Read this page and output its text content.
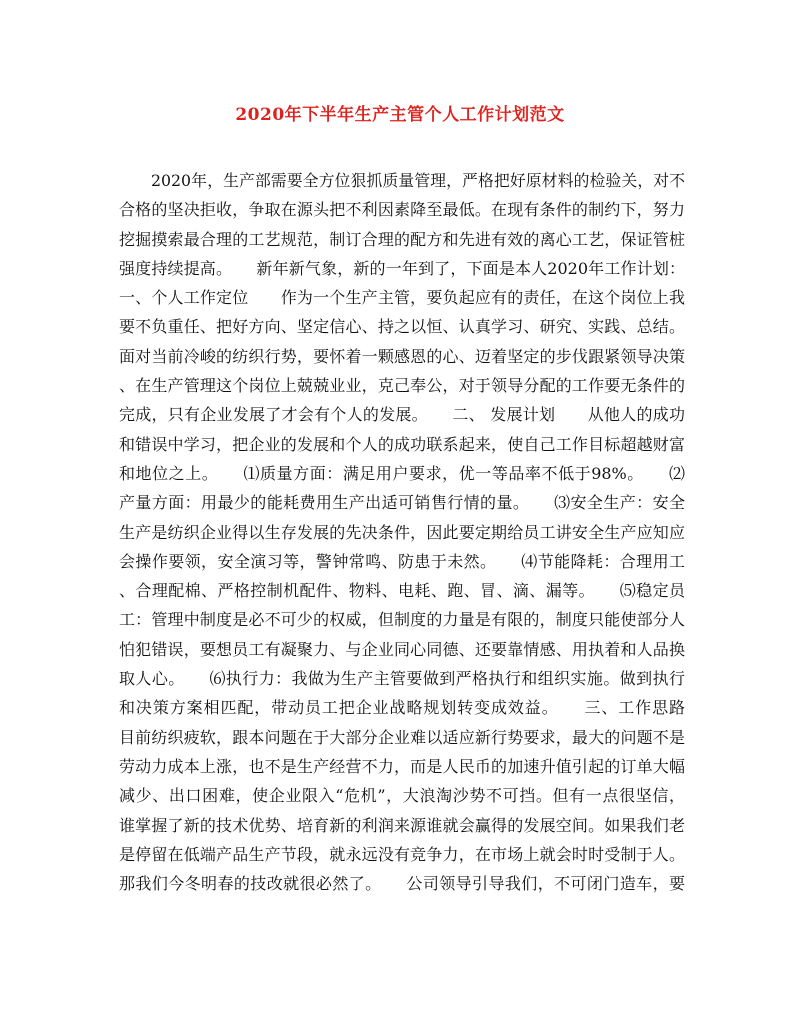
2020年下半年生产主管个人工作计划范文
2020年，生产部需要全方位狠抓质量管理，严格把好原材料的检验关，对不
合格的坚决拒收，争取在源头把不利因素降至最低。在现有条件的制约下，努力
挖掘摸索最合理的工艺规范，制订合理的配方和先进有效的离心工艺，保证管桩
强度持续提高。　　新年新气象，新的一年到了，下面是本人2020年工作计划：
一、个人工作定位　　作为一个生产主管，要负起应有的责任，在这个岗位上我
要不负重任、把好方向、坚定信心、持之以恒、认真学习、研究、实践、总结。
面对当前冷峻的纺织行势，要怀着一颗感恩的心、迈着坚定的步伐跟紧领导决策
、在生产管理这个岗位上兢兢业业，克己奉公，对于领导分配的工作要无条件的
完成，只有企业发展了才会有个人的发展。　　二、 发展计划　　从他人的成功
和错误中学习，把企业的发展和个人的成功联系起来，使自己工作目标超越财富
和地位之上。　　⑴质量方面：满足用户要求，优一等品率不低于98%。　　⑵
产量方面：用最少的能耗费用生产出适可销售行情的量。　　⑶安全生产：安全
生产是纺织企业得以生存发展的先决条件，因此要定期给员工讲安全生产应知应
会操作要领，安全演习等，警钟常鸣、防患于未然。　　⑷节能降耗：合理用工
、合理配棉、严格控制机配件、物料、电耗、跑、冒、滴、漏等。　　⑸稳定员
工：管理中制度是必不可少的权威，但制度的力量是有限的，制度只能使部分人
怕犯错误，要想员工有凝聚力、与企业同心同德、还要靠情感、用执着和人品换
取人心。　　⑹执行力：我做为生产主管要做到严格执行和组织实施。做到执行
和决策方案相匹配，带动员工把企业战略规划转变成效益。　　三、工作思路
目前纺织疲软，跟本问题在于大部分企业难以适应新行势要求，最大的问题不是
劳动力成本上涨，也不是生产经营不力，而是人民币的加速升值引起的订单大幅
减少、出口困难，使企业限入“危机”，大浪淘沙势不可挡。但有一点很坚信，
谁掌握了新的技术优势、培育新的利润来源谁就会赢得的发展空间。如果我们老
是停留在低端产品生产节段，就永远没有竞争力，在市场上就会时时受制于人。
那我们今冬明春的技改就很必然了。　　公司领导引导我们，不可闭门造车，要
